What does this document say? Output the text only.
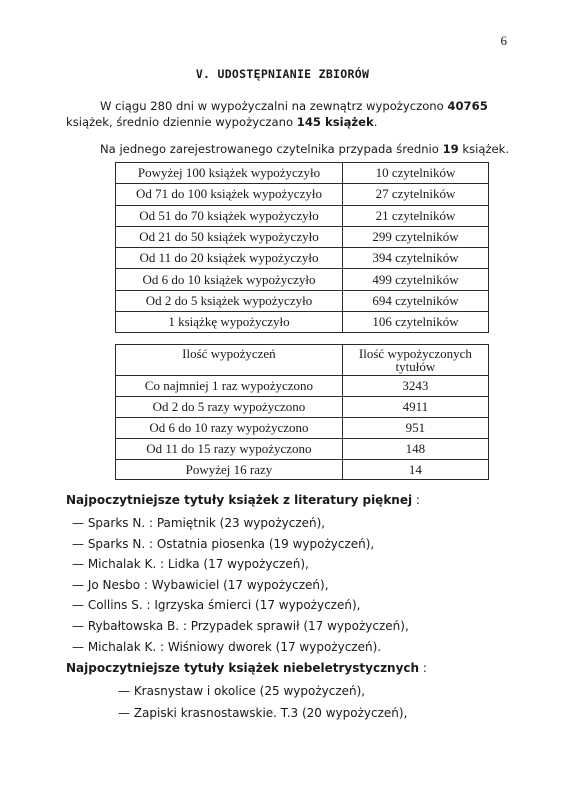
6
V. UDOSTĘPNIANIE ZBIORÓW
W ciągu 280 dni w wypożyczalni na zewnątrz wypożyczono 40765
książek, średnio dziennie wypożyczano 145 książek.
Na jednego zarejestrowanego czytelnika przypada średnio 19 książek.
Powyżej 100 książek wypożyczyło	10 czytelników
Od 71 do 100 książek wypożyczyło	27 czytelników
Od 51 do 70 książek wypożyczyło	21 czytelników
Od 21 do 50 książek wypożyczyło	299 czytelników
Od 11 do 20 książek wypożyczyło	394 czytelników
Od 6 do 10 książek wypożyczyło	499 czytelników
Od 2 do 5 książek wypożyczyło	694 czytelników
1 książkę wypożyczyło	106 czytelników
Ilość wypożyczeń	Ilość wypożyczonych tytułów
Co najmniej 1 raz wypożyczono	3243
Od 2 do 5 razy wypożyczono	4911
Od 6 do 10 razy wypożyczono	951
Od 11 do 15 razy wypożyczono	148
Powyżej 16 razy	14
Najpoczytniejsze tytuły książek z literatury pięknej :
— Sparks N. : Pamiętnik (23 wypożyczeń),
— Sparks N. : Ostatnia piosenka (19 wypożyczeń),
— Michalak K. : Lidka (17 wypożyczeń),
— Jo Nesbo : Wybawiciel (17 wypożyczeń),
— Collins S. : Igrzyska śmierci (17 wypożyczeń),
— Rybałtowska B. : Przypadek sprawił (17 wypożyczeń),
— Michalak K. : Wiśniowy dworek (17 wypożyczeń).
Najpoczytniejsze tytuły książek niebeletrystycznych :
— Krasnystaw i okolice (25 wypożyczeń),
— Zapiski krasnostawskie. T.3 (20 wypożyczeń),
